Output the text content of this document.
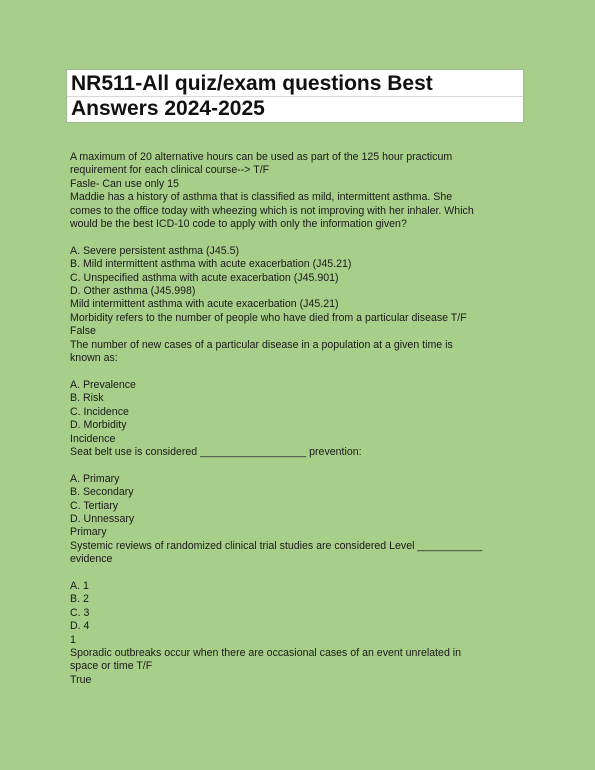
NR511-All quiz/exam questions Best
Answers 2024-2025
A maximum of 20 alternative hours can be used as part of the 125 hour practicum
requirement for each clinical course--> T/F
Fasle- Can use only 15
Maddie has a history of asthma that is classified as mild, intermittent asthma. She
comes to the office today with wheezing which is not improving with her inhaler. Which
would be the best ICD-10 code to apply with only the information given?
A. Severe persistent asthma (J45.5)
B. Mild intermittent asthma with acute exacerbation (J45.21)
C. Unspecified asthma with acute exacerbation (J45.901)
D. Other asthma (J45.998)
Mild intermittent asthma with acute exacerbation (J45.21)
Morbidity refers to the number of people who have died from a particular disease T/F
False
The number of new cases of a particular disease in a population at a given time is
known as:
A. Prevalence
B. Risk
C. Incidence
D. Morbidity
Incidence
Seat belt use is considered __________________ prevention:
A. Primary
B. Secondary
C. Tertiary
D. Unnessary
Primary
Systemic reviews of randomized clinical trial studies are considered Level ___________
evidence
A. 1
B. 2
C. 3
D. 4
1
Sporadic outbreaks occur when there are occasional cases of an event unrelated in
space or time T/F
True
